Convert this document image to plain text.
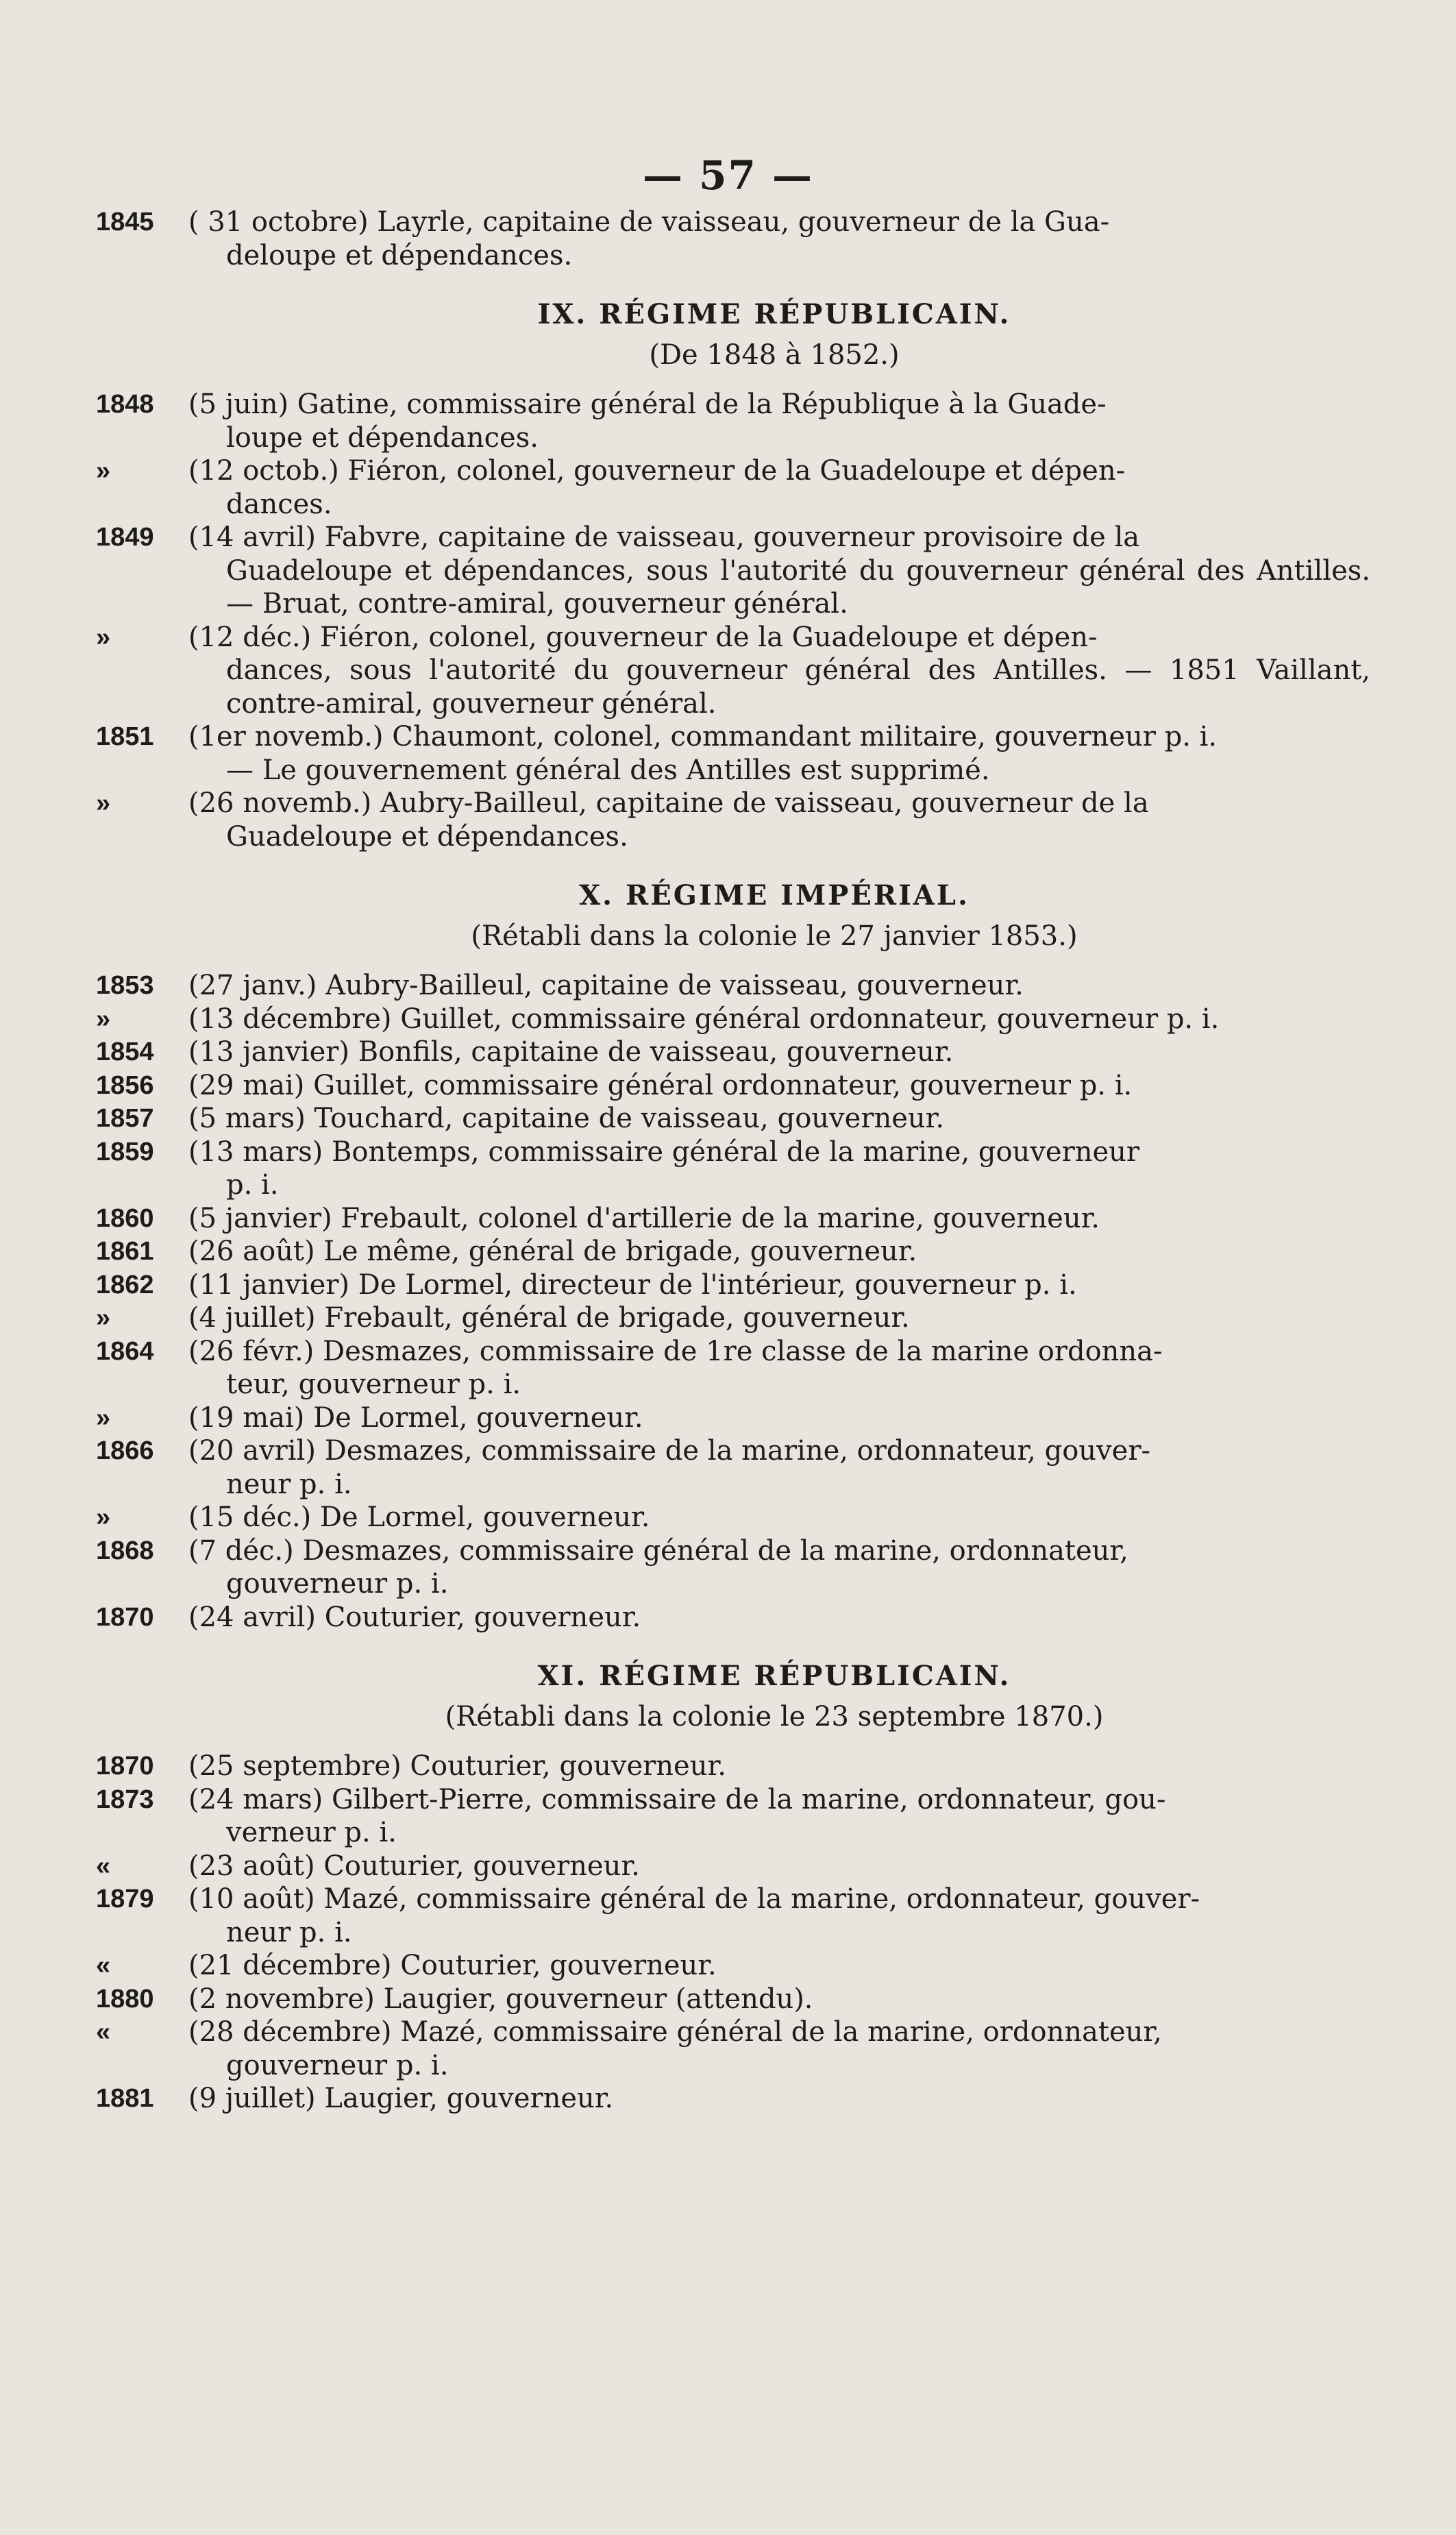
— 57 —
1845	( 31 octobre) Layrle, capitaine de vaisseau, gouverneur de la Gua-
deloupe et dépendances.
IX. RÉGIME RÉPUBLICAIN.
(De 1848 à 1852.)
1848	(5 juin) Gatine, commissaire général de la République à la Guade-
loupe et dépendances.
»	(12 octob.) Fiéron, colonel, gouverneur de la Guadeloupe et dépen-
dances.
1849	(14 avril) Fabvre, capitaine de vaisseau, gouverneur provisoire de la
Guadeloupe et dépendances, sous l'autorité du gouverneur général des Antilles. — Bruat, contre-amiral, gouverneur général.
»	(12 déc.) Fiéron, colonel, gouverneur de la Guadeloupe et dépen-
dances, sous l'autorité du gouverneur général des Antilles. — 1851 Vaillant, contre-amiral, gouverneur général.
1851	(1er novemb.) Chaumont, colonel, commandant militaire, gouverneur p. i.
— Le gouvernement général des Antilles est supprimé.
»	(26 novemb.) Aubry-Bailleul, capitaine de vaisseau, gouverneur de la
Guadeloupe et dépendances.
X. RÉGIME IMPÉRIAL.
(Rétabli dans la colonie le 27 janvier 1853.)
1853	(27 janv.) Aubry-Bailleul, capitaine de vaisseau, gouverneur.
»	(13 décembre) Guillet, commissaire général ordonnateur, gouverneur p. i.
1854	(13 janvier) Bonfils, capitaine de vaisseau, gouverneur.
1856	(29 mai) Guillet, commissaire général ordonnateur, gouverneur p. i.
1857	(5 mars) Touchard, capitaine de vaisseau, gouverneur.
1859	(13 mars) Bontemps, commissaire général de la marine, gouverneur
p. i.
1860	(5 janvier) Frebault, colonel d'artillerie de la marine, gouverneur.
1861	(26 août) Le même, général de brigade, gouverneur.
1862	(11 janvier) De Lormel, directeur de l'intérieur, gouverneur p. i.
»	(4 juillet) Frebault, général de brigade, gouverneur.
1864	(26 févr.) Desmazes, commissaire de 1re classe de la marine ordonna-
teur, gouverneur p. i.
»	(19 mai) De Lormel, gouverneur.
1866	(20 avril) Desmazes, commissaire de la marine, ordonnateur, gouver-
neur p. i.
»	(15 déc.) De Lormel, gouverneur.
1868	(7 déc.) Desmazes, commissaire général de la marine, ordonnateur,
gouverneur p. i.
1870	(24 avril) Couturier, gouverneur.
XI. RÉGIME RÉPUBLICAIN.
(Rétabli dans la colonie le 23 septembre 1870.)
1870	(25 septembre) Couturier, gouverneur.
1873	(24 mars) Gilbert-Pierre, commissaire de la marine, ordonnateur, gou-
verneur p. i.
«	(23 août) Couturier, gouverneur.
1879	(10 août) Mazé, commissaire général de la marine, ordonnateur, gouver-
neur p. i.
«	(21 décembre) Couturier, gouverneur.
1880	(2 novembre) Laugier, gouverneur (attendu).
«	(28 décembre) Mazé, commissaire général de la marine, ordonnateur,
gouverneur p. i.
1881	(9 juillet) Laugier, gouverneur.
